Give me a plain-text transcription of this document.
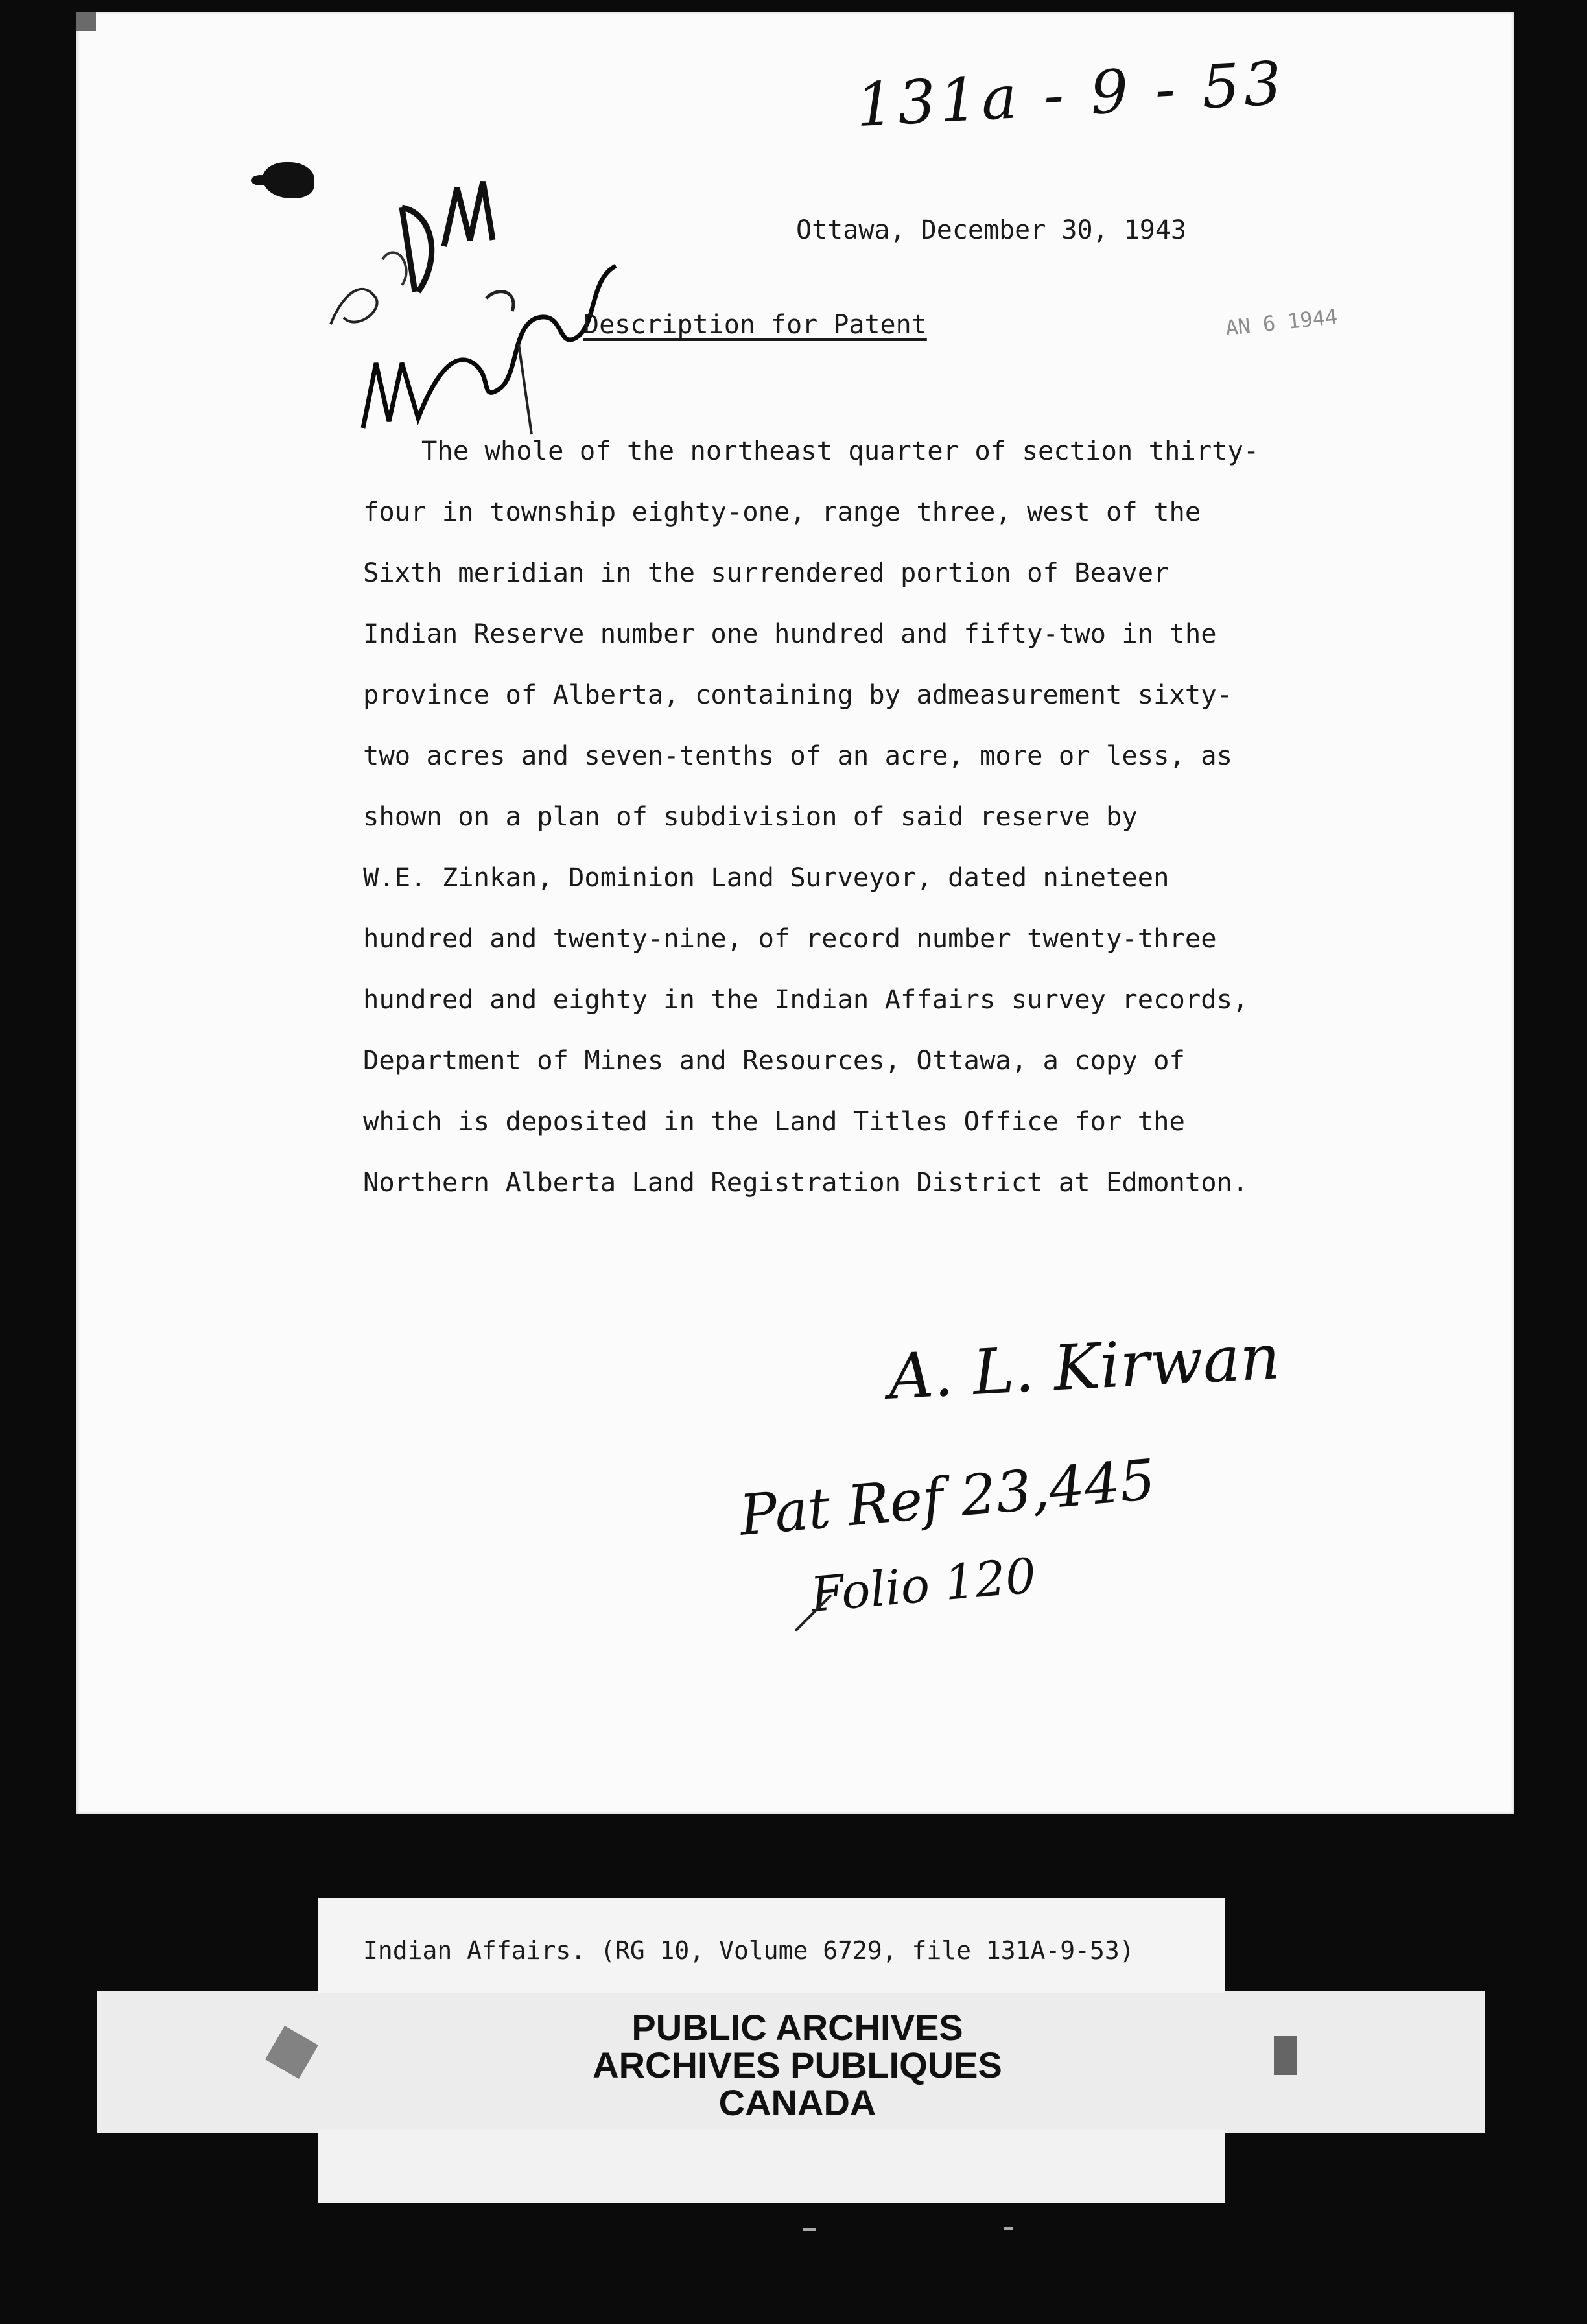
131a - 9 - 53
Ottawa, December 30, 1943
Description for Patent	AN 6 1944
The whole of the northeast quarter of section thirty-
four in township eighty-one, range three, west of the
Sixth meridian in the surrendered portion of Beaver
Indian Reserve number one hundred and fifty-two in the
province of Alberta, containing by admeasurement sixty-
two acres and seven-tenths of an acre, more or less, as
shown on a plan of subdivision of said reserve by
W.E. Zinkan, Dominion Land Surveyor, dated nineteen
hundred and twenty-nine, of record number twenty-three
hundred and eighty in the Indian Affairs survey records,
Department of Mines and Resources, Ottawa, a copy of
which is deposited in the Land Titles Office for the
Northern Alberta Land Registration District at Edmonton.
A. L. Kirwan
Pat Ref 23,445
Folio 120
Indian Affairs. (RG 10, Volume 6729, file 131A-9-53)
PUBLIC ARCHIVES
ARCHIVES PUBLIQUES
CANADA
